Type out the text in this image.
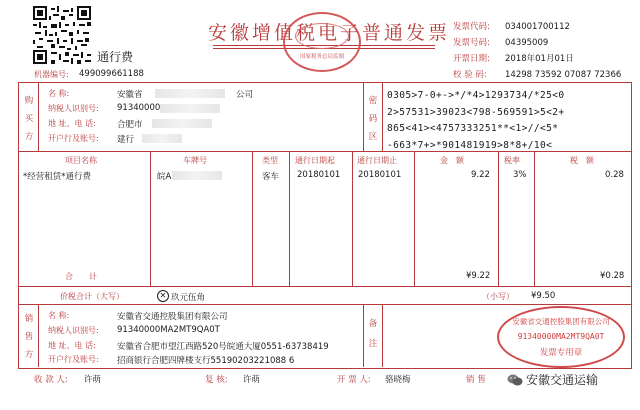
通行费
机器编号: 499099661188
安徽增值税电子普通发票
国家税务总局监制
发票代码: 034001700112
发票号码: 04395009
开票日期: 2018年01月01日
校 验 码: 14298 73592 07087 72366
购买方
密码区
名 称:	安徽省	公司
纳税人识别号: 91340000
地 址、电 话: 合肥市
开户行及账号: 建行
0305>7-0+->*/*4>1293734/*25<0
2>57531>39023<798-569591>5<2+
865<41><4757333251**<1>//<5*
-663*7+>*901481919>8*8+/10<
项目名称	车牌号	类型 通行日期起	通行日期止	金　额	税率	税　额
*经营租赁*通行费	皖A	客车 20180101 20180101	9.22	3%	0.28
合　　计	¥9.22	¥0.28
价税合计（大写）	✕ 玖元伍角	（小写） ¥9.50
销售方
备注
名 称:	安徽省交通控股集团有限公司
纳税人识别号: 91340000MA2MT9QA0T
地 址、电 话: 安徽省合肥市望江西路520号皖通大厦0551-63738419
开户行及账号: 招商银行合肥四牌楼支行55190203221088 6
安徽省交通控股集团有限公司
91340000MA2MT9QA0T
发票专用章
收 款 人: 许萌	复 核: 许萌	开 票 人: 骆晓梅	销 售	安徽交通运输
